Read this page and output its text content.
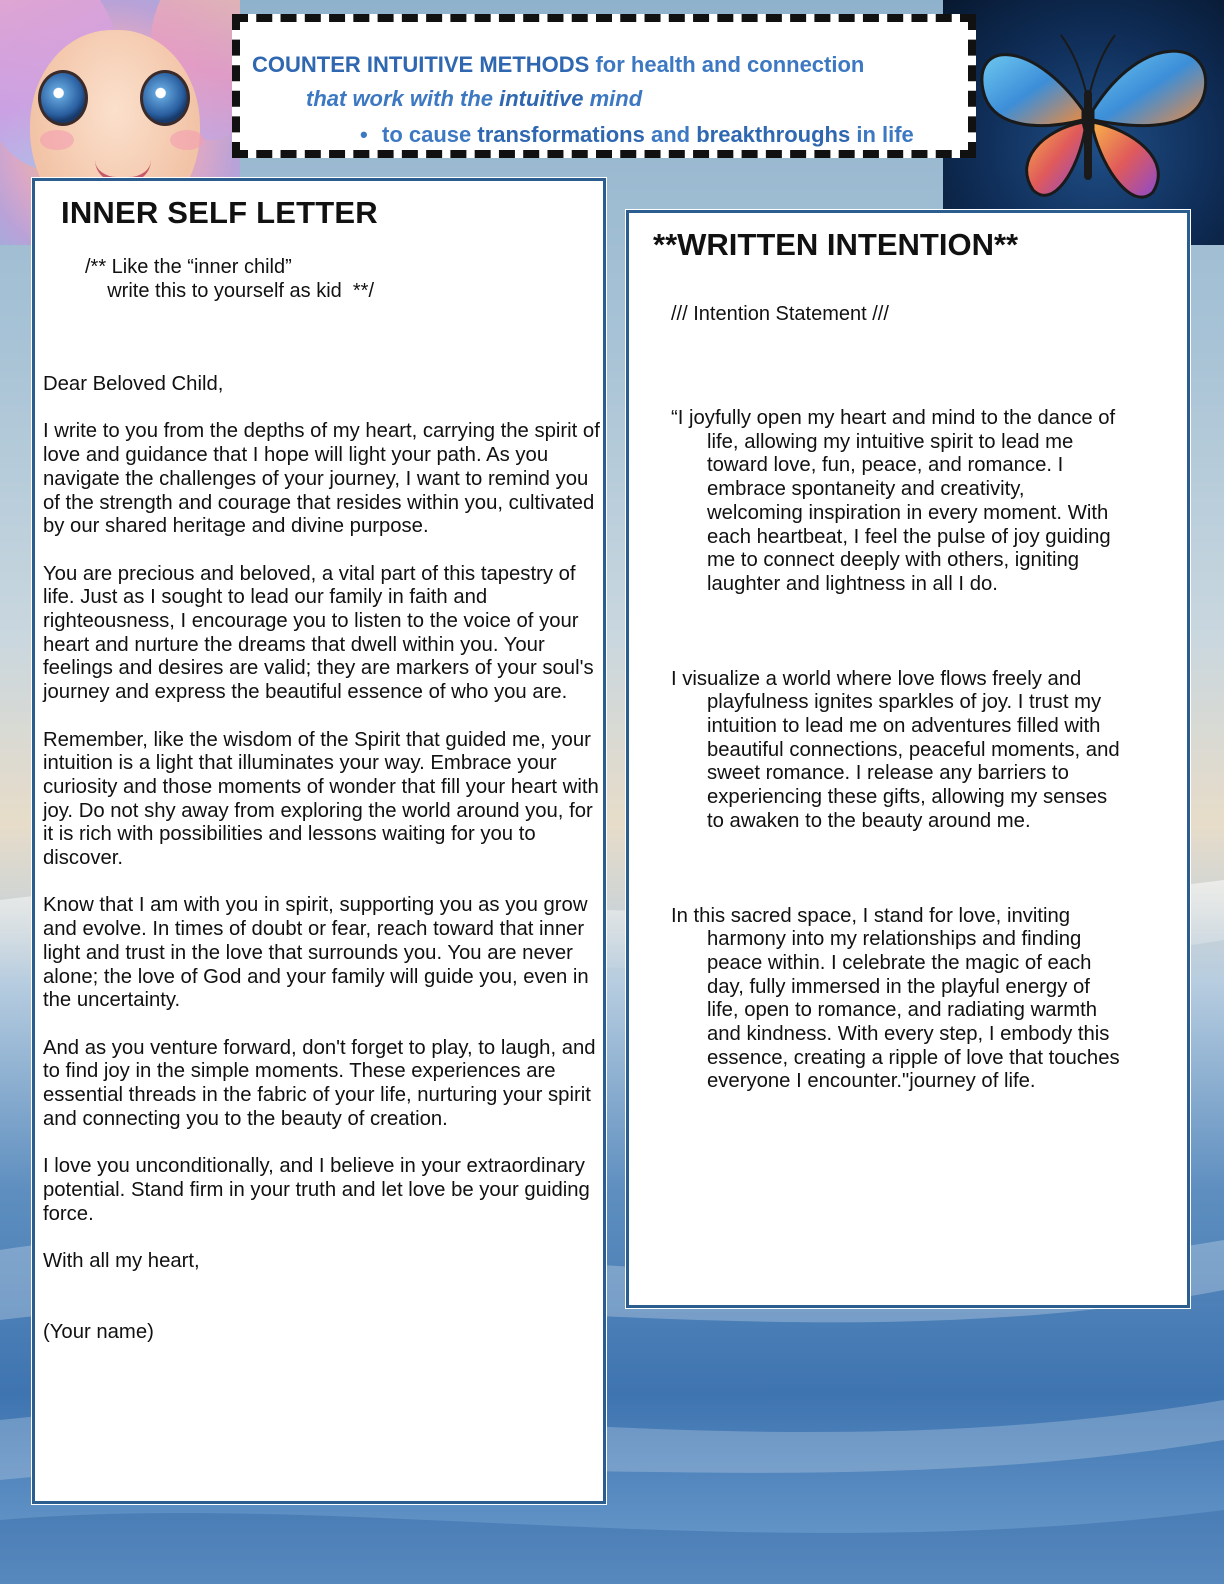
COUNTER INTUITIVE METHODS for health and connection
that work with the intuitive mind
• to cause transformations and breakthroughs in life
INNER SELF LETTER
/** Like the “inner child”
write this to yourself as kid  **/

Dear Beloved Child,

I write to you from the depths of my heart, carrying the spirit of love and guidance that I hope will light your path. As you navigate the challenges of your journey, I want to remind you of the strength and courage that resides within you, cultivated by our shared heritage and divine purpose.

You are precious and beloved, a vital part of this tapestry of life. Just as I sought to lead our family in faith and righteousness, I encourage you to listen to the voice of your heart and nurture the dreams that dwell within you. Your feelings and desires are valid; they are markers of your soul's journey and express the beautiful essence of who you are.

Remember, like the wisdom of the Spirit that guided me, your intuition is a light that illuminates your way. Embrace your curiosity and those moments of wonder that fill your heart with joy. Do not shy away from exploring the world around you, for it is rich with possibilities and lessons waiting for you to discover.

Know that I am with you in spirit, supporting you as you grow and evolve. In times of doubt or fear, reach toward that inner light and trust in the love that surrounds you. You are never alone; the love of God and your family will guide you, even in the uncertainty.

And as you venture forward, don't forget to play, to laugh, and to find joy in the simple moments. These experiences are essential threads in the fabric of your life, nurturing your spirit and connecting you to the beauty of creation.

I love you unconditionally, and I believe in your extraordinary potential. Stand firm in your truth and let love be your guiding force.

With all my heart,

(Your name)

**WRITTEN INTENTION**
/// Intention Statement ///

“I joyfully open my heart and mind to the dance of life, allowing my intuitive spirit to lead me toward love, fun, peace, and romance. I embrace spontaneity and creativity, welcoming inspiration in every moment. With each heartbeat, I feel the pulse of joy guiding me to connect deeply with others, igniting laughter and lightness in all I do.

I visualize a world where love flows freely and playfulness ignites sparkles of joy. I trust my intuition to lead me on adventures filled with beautiful connections, peaceful moments, and sweet romance. I release any barriers to experiencing these gifts, allowing my senses to awaken to the beauty around me.

In this sacred space, I stand for love, inviting harmony into my relationships and finding peace within. I celebrate the magic of each day, fully immersed in the playful energy of life, open to romance, and radiating warmth and kindness. With every step, I embody this essence, creating a ripple of love that touches everyone I encounter."journey of life.
